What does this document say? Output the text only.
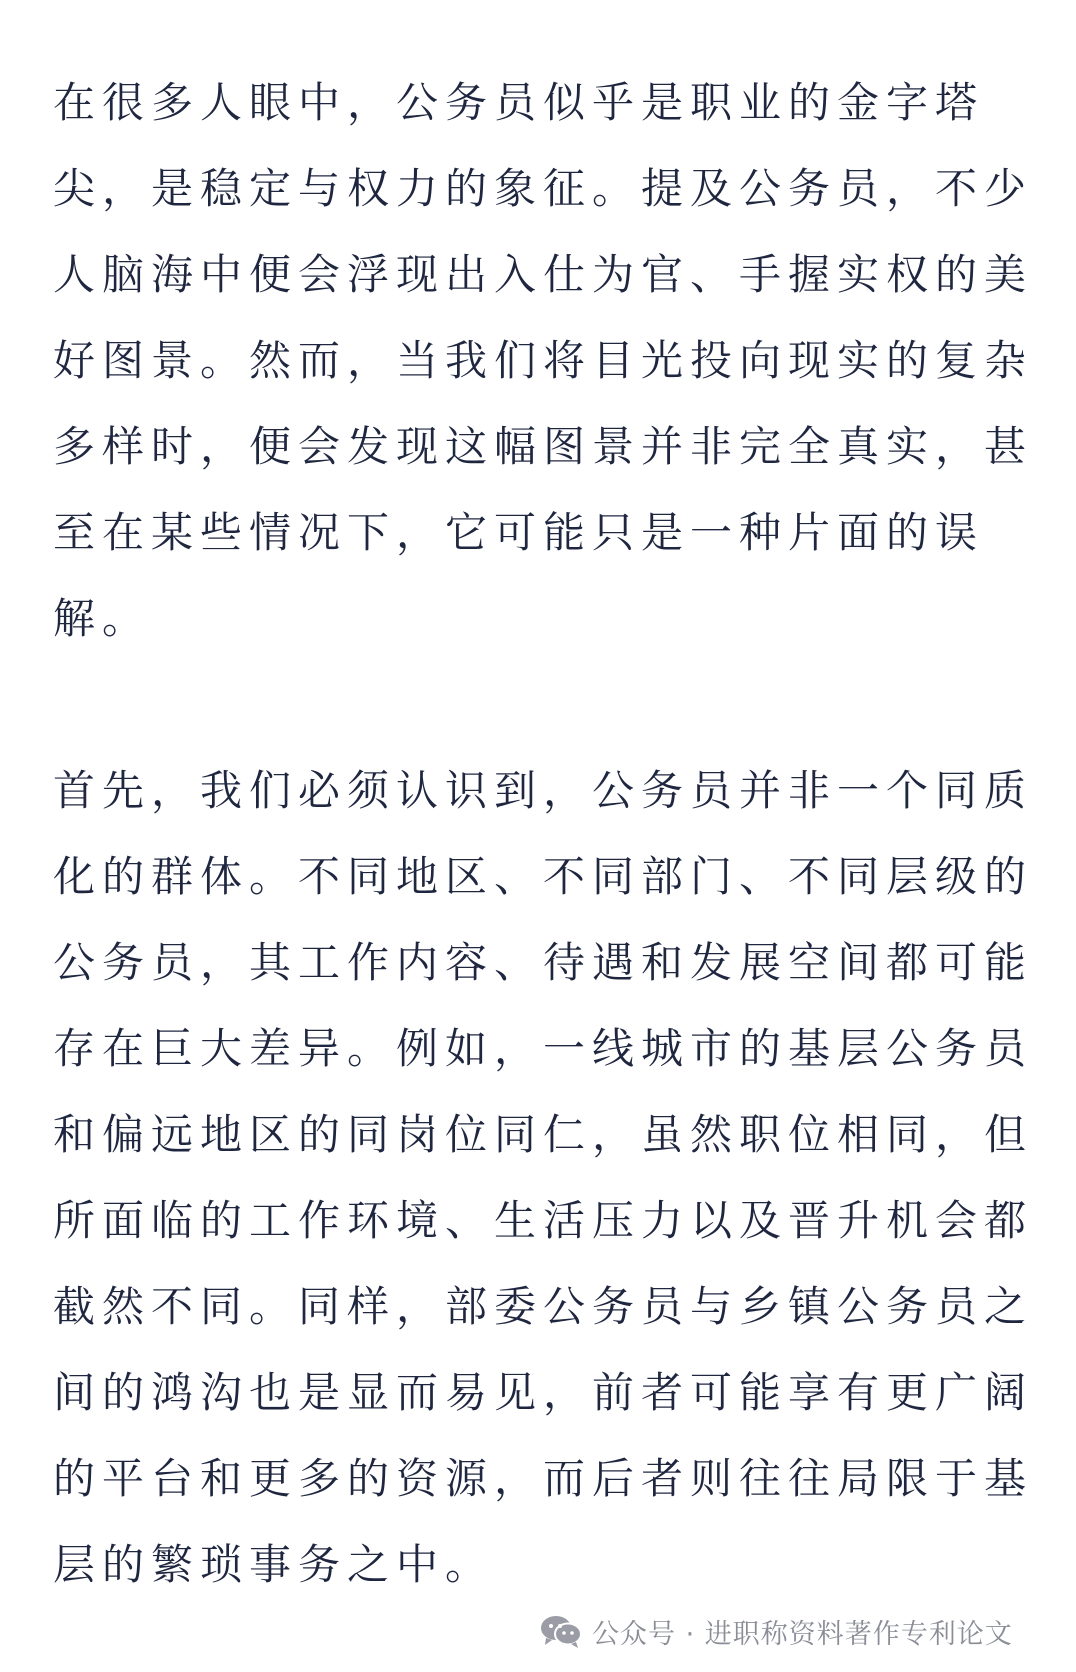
在很多人眼中，公务员似乎是职业的金字塔
尖，是稳定与权力的象征。提及公务员，不少
人脑海中便会浮现出入仕为官、手握实权的美
好图景。然而，当我们将目光投向现实的复杂
多样时，便会发现这幅图景并非完全真实，甚
至在某些情况下，它可能只是一种片面的误
解。

首先，我们必须认识到，公务员并非一个同质
化的群体。不同地区、不同部门、不同层级的
公务员，其工作内容、待遇和发展空间都可能
存在巨大差异。例如，一线城市的基层公务员
和偏远地区的同岗位同仁，虽然职位相同，但
所面临的工作环境、生活压力以及晋升机会都
截然不同。同样，部委公务员与乡镇公务员之
间的鸿沟也是显而易见，前者可能享有更广阔
的平台和更多的资源，而后者则往往局限于基
层的繁琐事务之中。

公众号 · 进职称资料著作专利论文
